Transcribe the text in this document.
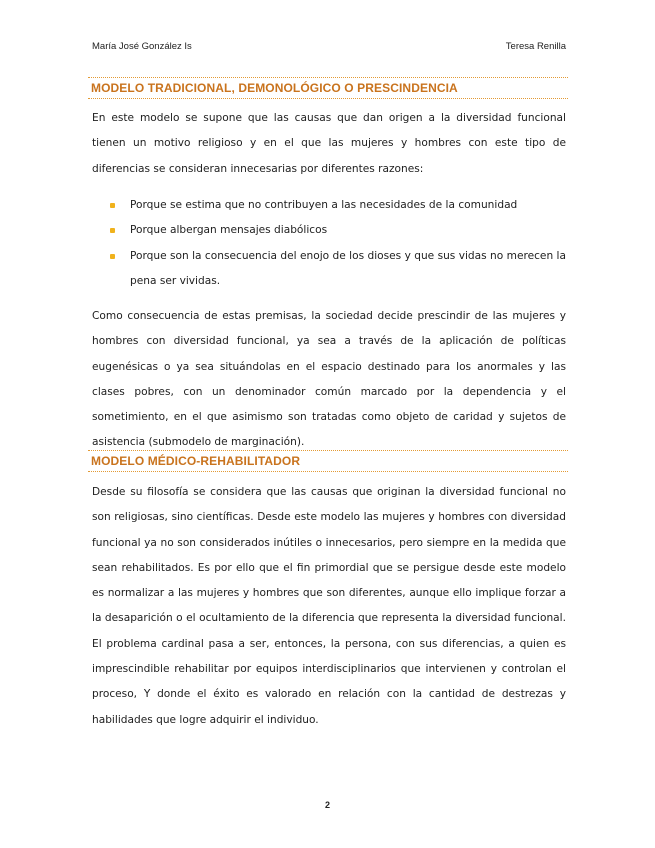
María José González Is	Teresa Renilla
MODELO TRADICIONAL, DEMONOLÓGICO O PRESCINDENCIA

En este modelo se supone que las causas que dan origen a la diversidad funcional tienen un motivo religioso y en el que las mujeres y hombres con este tipo de diferencias se consideran innecesarias por diferentes razones:

Porque se estima que no contribuyen a las necesidades de la comunidad
Porque albergan mensajes diabólicos
Porque son la consecuencia del enojo de los dioses y que sus vidas no merecen la pena ser vividas.

Como consecuencia de estas premisas, la sociedad decide prescindir de las mujeres y hombres con diversidad funcional, ya sea a través de la aplicación de políticas eugenésicas o ya sea situándolas en el espacio destinado para los anormales y las clases pobres, con un denominador común marcado por la dependencia y el sometimiento, en el que asimismo son tratadas como objeto de caridad y sujetos de asistencia (submodelo de marginación).

MODELO MÉDICO-REHABILITADOR

Desde su filosofía se considera que las causas que originan la diversidad funcional no son religiosas, sino científicas. Desde este modelo las mujeres y hombres con diversidad funcional ya no son considerados inútiles o innecesarios, pero siempre en la medida que sean rehabilitados. Es por ello que el fin primordial que se persigue desde este modelo es normalizar a las mujeres y hombres que son diferentes, aunque ello implique forzar a la desaparición o el ocultamiento de la diferencia que representa la diversidad funcional. El problema cardinal pasa a ser, entonces, la persona, con sus diferencias, a quien es imprescindible rehabilitar por equipos interdisciplinarios que intervienen y controlan el proceso, Y donde el éxito es valorado en relación con la cantidad de destrezas y habilidades que logre adquirir el individuo.

2
